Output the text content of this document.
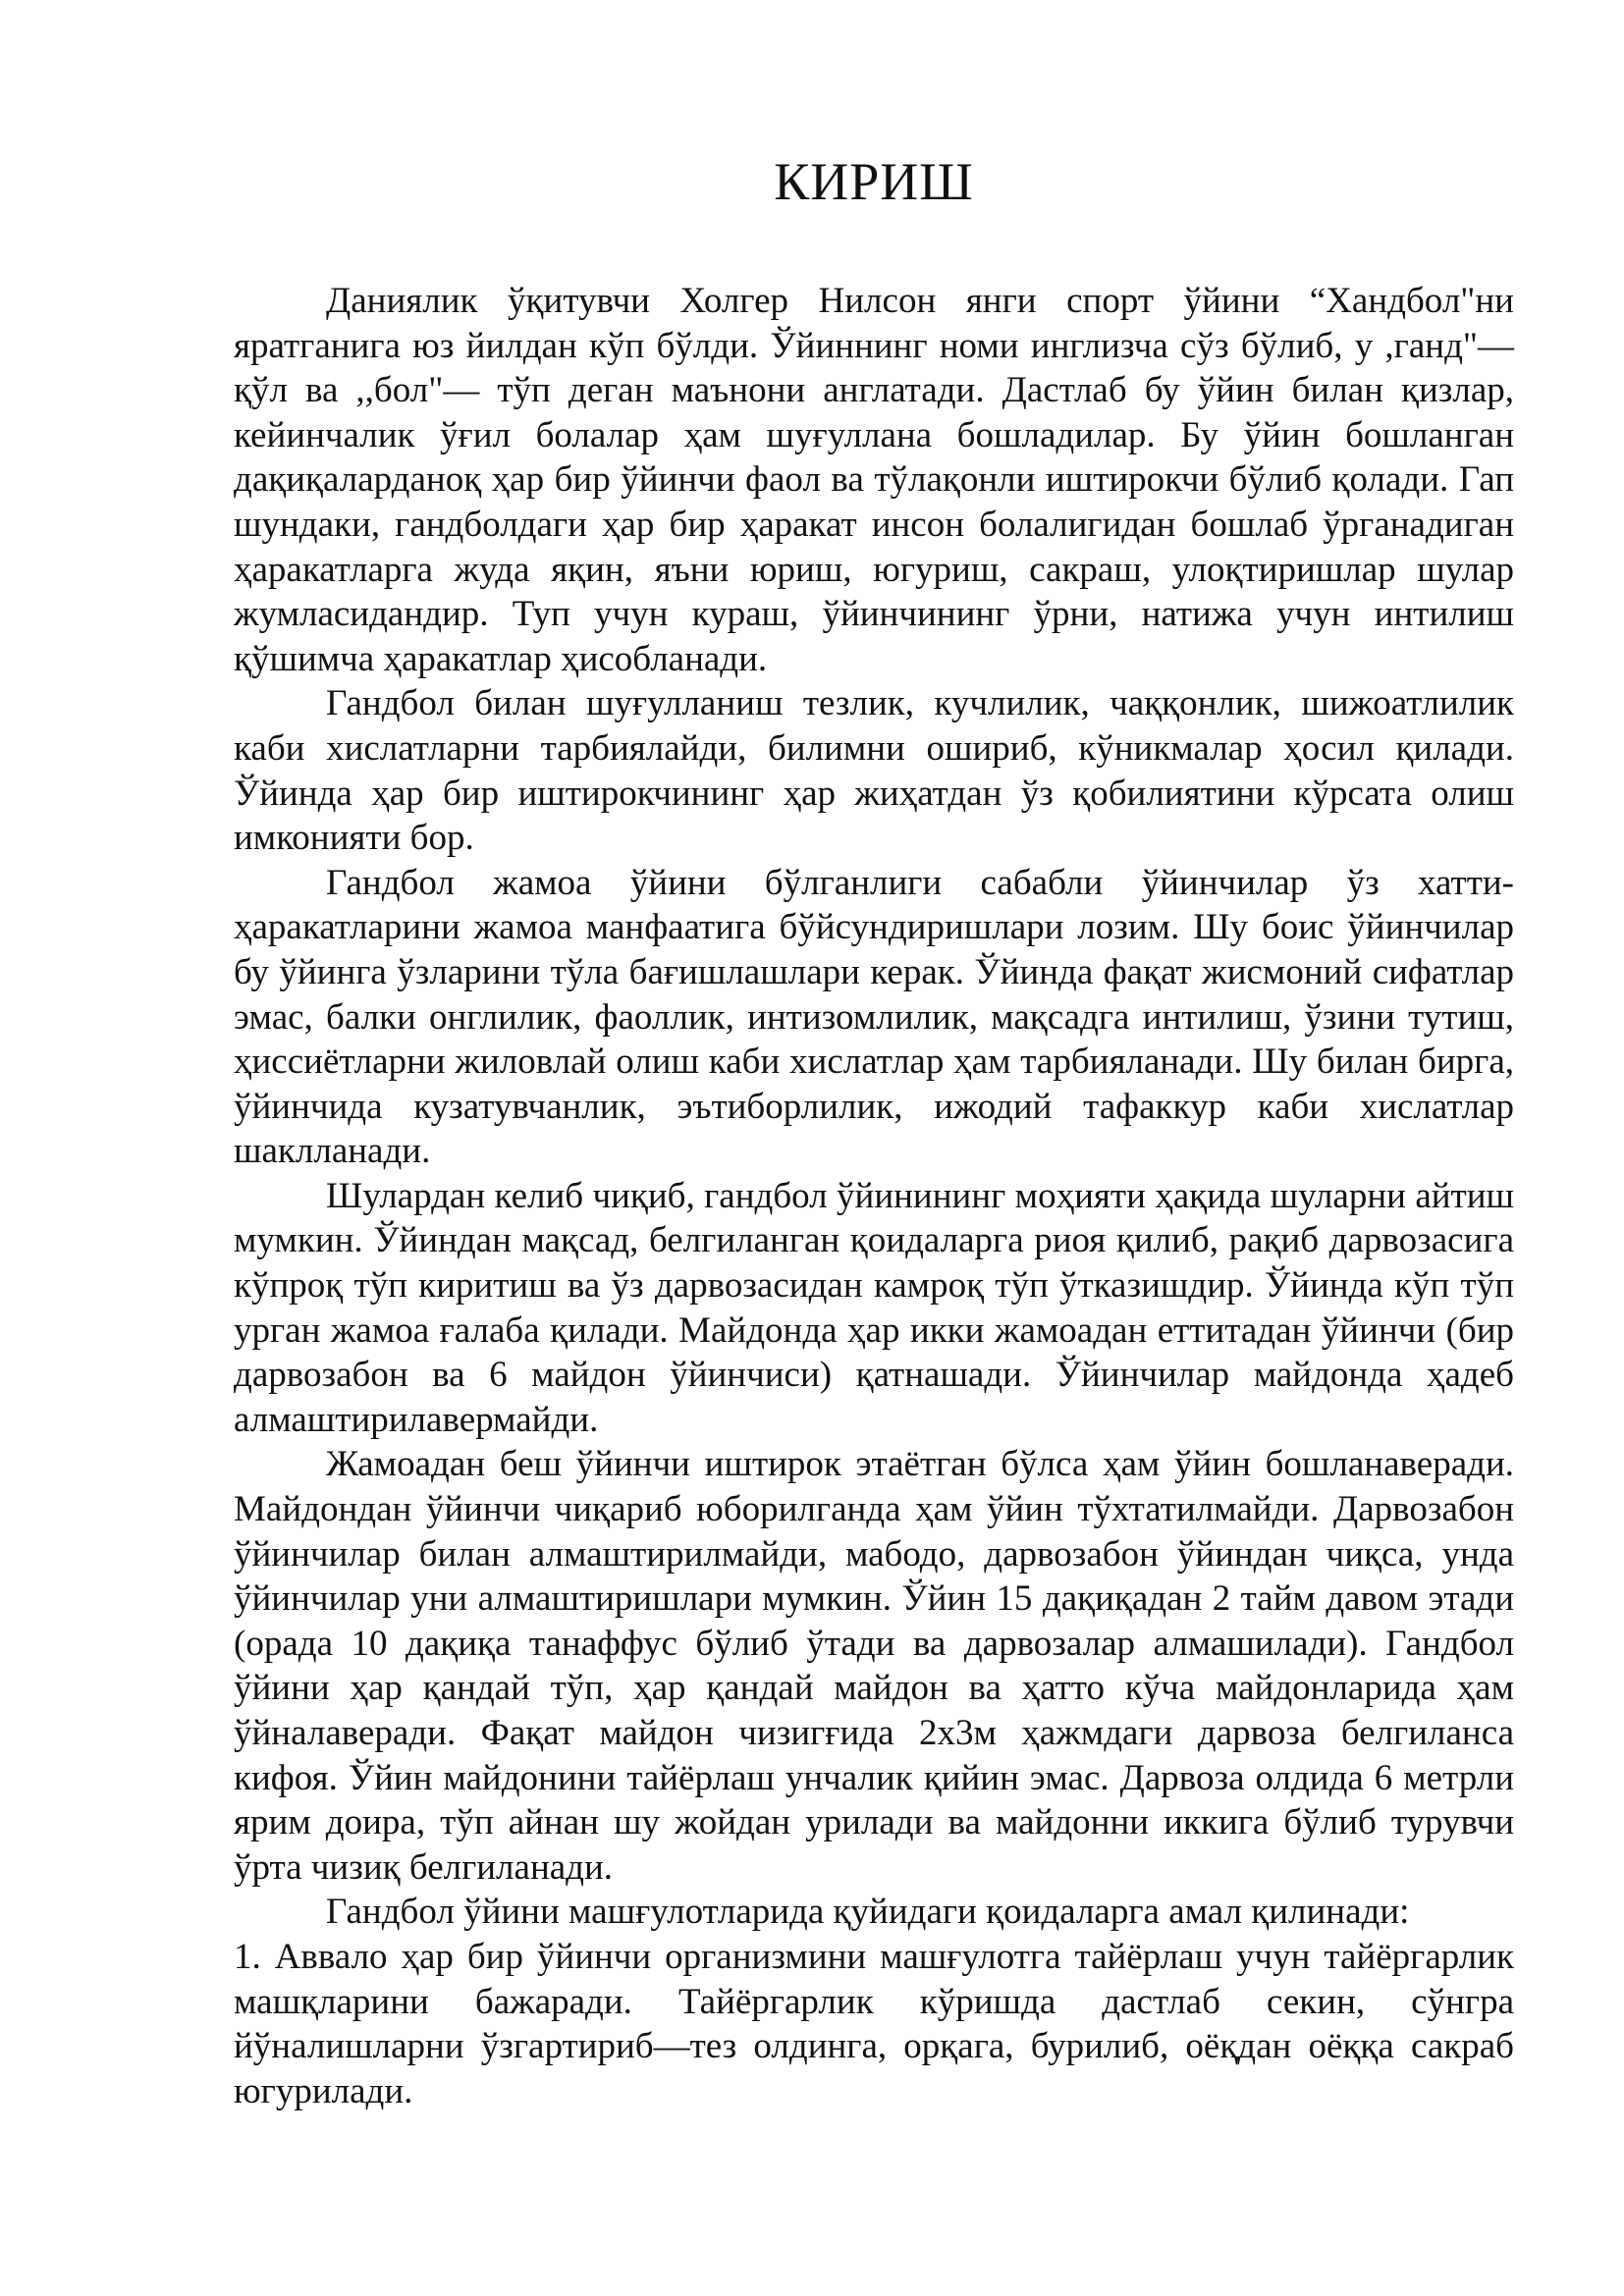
КИРИШ

Даниялик ўқитувчи Холгер Нилсон янги спорт ўйини “Хандбол"ни яратганига юз йилдан кўп бўлди. Ўйиннинг номи инглизча сўз бўлиб, у ,ганд"— қўл ва ,,бол"— тўп деган маънони англатади. Дастлаб бу ўйин билан қизлар, кейинчалик ўғил болалар ҳам шуғуллана бошладилар. Бу ўйин бошланган дақиқаларданоқ ҳар бир ўйинчи фаол ва тўлақонли иштирокчи бўлиб қолади. Гап шундаки, гандболдаги ҳар бир ҳаракат инсон болалигидан бошлаб ўрганадиган ҳаракатларга жуда яқин, яъни юриш, югуриш, сакраш, улоқтиришлар шулар жумласидандир. Туп учун кураш, ўйинчининг ўрни, натижа учун интилиш қўшимча ҳаракатлар ҳисобланади.

Гандбол билан шуғулланиш тезлик, кучлилик, чаққонлик, шижоатлилик каби хислатларни тарбиялайди, билимни ошириб, кўникмалар ҳосил қилади. Ўйинда ҳар бир иштирокчининг ҳар жиҳатдан ўз қобилиятини кўрсата олиш имконияти бор.

Гандбол жамоа ўйини бўлганлиги сабабли ўйинчилар ўз хатти-ҳаракатларини жамоа манфаатига бўйсундиришлари лозим. Шу боис ўйинчилар бу ўйинга ўзларини тўла бағишлашлари керак. Ўйинда фақат жисмоний сифатлар эмас, балки онглилик, фаоллик, интизомлилик, мақсадга интилиш, ўзини тутиш, ҳиссиётларни жиловлай олиш каби хислатлар ҳам тарбияланади. Шу билан бирга, ўйинчида кузатувчанлик, эътиборлилик, ижодий тафаккур каби хислатлар шаклланади.

Шулардан келиб чиқиб, гандбол ўйинининг моҳияти ҳақида шуларни айтиш мумкин. Ўйиндан мақсад, белгиланган қоидаларга риоя қилиб, рақиб дарвозасига кўпроқ тўп киритиш ва ўз дарвозасидан камроқ тўп ўтказишдир. Ўйинда кўп тўп урган жамоа ғалаба қилади. Майдонда ҳар икки жамоадан еттитадан ўйинчи (бир дарвозабон ва 6 майдон ўйинчиси) қатнашади. Ўйинчилар майдонда ҳадеб алмаштирилавермайди.

Жамоадан беш ўйинчи иштирок этаётган бўлса ҳам ўйин бошланаверади. Майдондан ўйинчи чиқариб юборилганда ҳам ўйин тўхтатилмайди. Дарвозабон ўйинчилар билан алмаштирилмайди, мабодо, дарвозабон ўйиндан чиқса, унда ўйинчилар уни алмаштиришлари мумкин. Ўйин 15 дақиқадан 2 тайм давом этади (орада 10 дақиқа танаффус бўлиб ўтади ва дарвозалар алмашилади). Гандбол ўйини ҳар қандай тўп, ҳар қандай майдон ва ҳатто кўча майдонларида ҳам ўйналаверади. Фақат майдон чизигғида 2х3м ҳажмдаги дарвоза белгиланса кифоя. Ўйин майдонини тайёрлаш унчалик қийин эмас. Дарвоза олдида 6 метрли ярим доира, тўп айнан шу жойдан урилади ва майдонни иккига бўлиб турувчи ўрта чизиқ белгиланади.

Гандбол ўйини машғулотларида қуйидаги қоидаларга амал қилинади:

1. Аввало ҳар бир ўйинчи организмини машғулотга тайёрлаш учун тайёргарлик машқларини бажаради. Тайёргарлик кўришда дастлаб секин, сўнгра йўналишларни ўзгартириб—тез олдинга, орқага, бурилиб, оёқдан оёққа сакраб югурилади.
